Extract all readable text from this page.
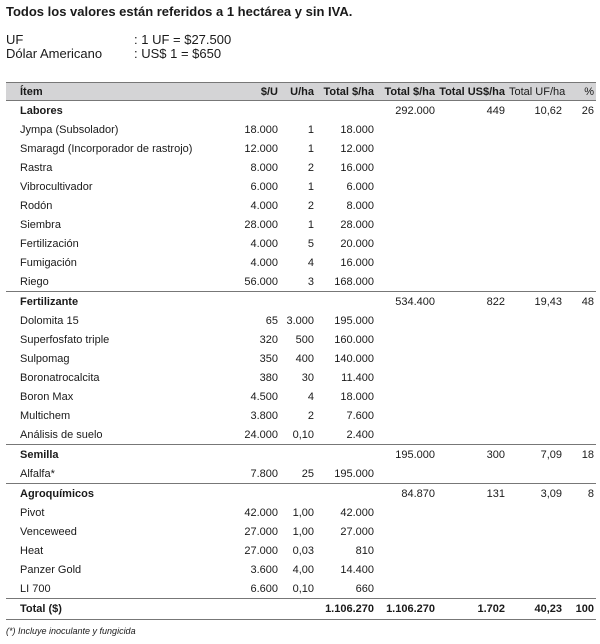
Todos los valores están referidos a 1 hectárea y sin IVA.
UF	: 1 UF = $27.500
Dólar Americano	: US$ 1 = $650
Ítem	$/U	U/ha	Total $/ha	Total $/ha	Total US$/ha	Total UF/ha	%
Labores				292.000	449	10,62	26
Jympa (Subsolador)	18.000	1	18.000				
Smaragd (Incorporador de rastrojo)	12.000	1	12.000				
Rastra	8.000	2	16.000				
Vibrocultivador	6.000	1	6.000				
Rodón	4.000	2	8.000				
Siembra	28.000	1	28.000				
Fertilización	4.000	5	20.000				
Fumigación	4.000	4	16.000				
Riego	56.000	3	168.000				
Fertilizante				534.400	822	19,43	48
Dolomita 15	65	3.000	195.000				
Superfosfato triple	320	500	160.000				
Sulpomag	350	400	140.000				
Boronatrocalcita	380	30	11.400				
Boron Max	4.500	4	18.000				
Multichem	3.800	2	7.600				
Análisis de suelo	24.000	0,10	2.400				
Semilla				195.000	300	7,09	18
Alfalfa*	7.800	25	195.000				
Agroquímicos				84.870	131	3,09	8
Pivot	42.000	1,00	42.000				
Venceweed	27.000	1,00	27.000				
Heat	27.000	0,03	810				
Panzer Gold	3.600	4,00	14.400				
LI 700	6.600	0,10	660				
Total ($)			1.106.270	1.106.270	1.702	40,23	100
(*) Incluye inoculante y fungicida
